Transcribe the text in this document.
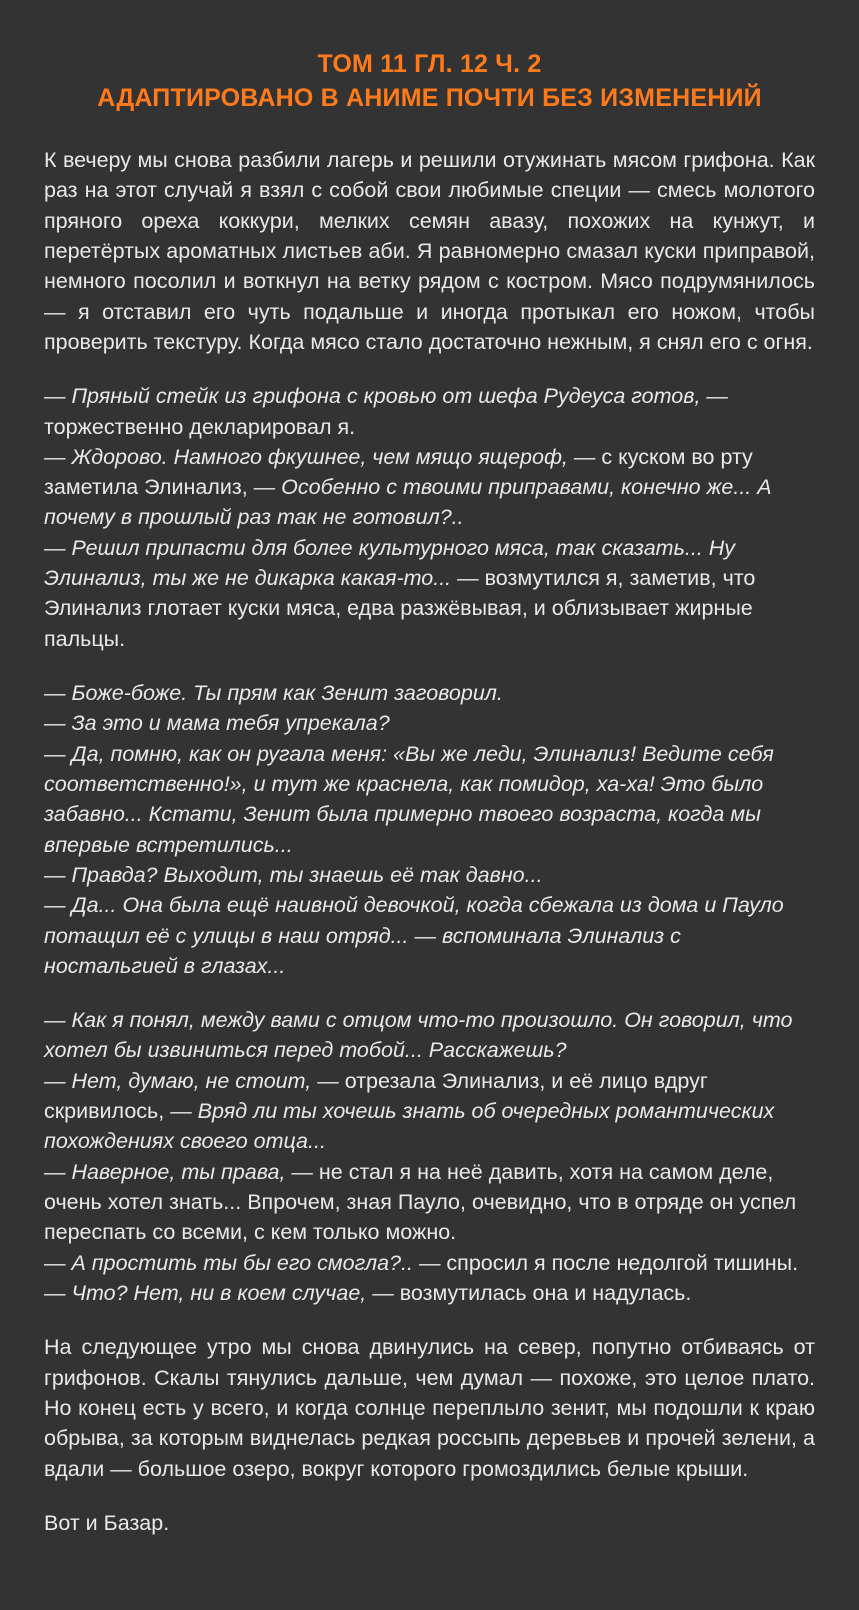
ТОМ 11 ГЛ. 12 Ч. 2
АДАПТИРОВАНО В АНИМЕ ПОЧТИ БЕЗ ИЗМЕНЕНИЙ

К вечеру мы снова разбили лагерь и решили отужинать мясом грифона. Как раз на этот случай я взял с собой свои любимые специи — смесь молотого пряного ореха коккури, мелких семян авазу, похожих на кунжут, и перетёртых ароматных листьев аби. Я равномерно смазал куски приправой, немного посолил и воткнул на ветку рядом с костром. Мясо подрумянилось — я отставил его чуть подальше и иногда протыкал его ножом, чтобы проверить текстуру. Когда мясо стало достаточно нежным, я снял его с огня.

— Пряный стейк из грифона с кровью от шефа Рудеуса готов, — торжественно декларировал я.
— Ждорово. Намного фкушнее, чем мящо ящероф, — с куском во рту заметила Элинализ, — Особенно с твоими приправами, конечно же... А почему в прошлый раз так не готовил?..
— Решил припасти для более культурного мяса, так сказать... Ну Элинализ, ты же не дикарка какая-то... — возмутился я, заметив, что Элинализ глотает куски мяса, едва разжёвывая, и облизывает жирные пальцы.
— Боже-боже. Ты прям как Зенит заговорил.
— За это и мама тебя упрекала?
— Да, помню, как он ругала меня: «Вы же леди, Элинализ! Ведите себя соответственно!», и тут же краснела, как помидор, ха-ха! Это было забавно... Кстати, Зенит была примерно твоего возраста, когда мы впервые встретились...
— Правда? Выходит, ты знаешь её так давно...
— Да... Она была ещё наивной девочкой, когда сбежала из дома и Пауло потащил её с улицы в наш отряд... — вспоминала Элинализ с ностальгией в глазах...
— Как я понял, между вами с отцом что-то произошло. Он говорил, что хотел бы извиниться перед тобой... Расскажешь?
— Нет, думаю, не стоит, — отрезала Элинализ, и её лицо вдруг скривилось, — Вряд ли ты хочешь знать об очередных романтических похождениях своего отца...
— Наверное, ты права, — не стал я на неё давить, хотя на самом деле, очень хотел знать... Впрочем, зная Пауло, очевидно, что в отряде он успел переспать со всеми, с кем только можно.
— А простить ты бы его смогла?.. — спросил я после недолгой тишины.
— Что? Нет, ни в коем случае, — возмутилась она и надулась.

На следующее утро мы снова двинулись на север, попутно отбиваясь от грифонов. Скалы тянулись дальше, чем думал — похоже, это целое плато. Но конец есть у всего, и когда солнце переплыло зенит, мы подошли к краю обрыва, за которым виднелась редкая россыпь деревьев и прочей зелени, а вдали — большое озеро, вокруг которого громоздились белые крыши.

Вот и Базар.
